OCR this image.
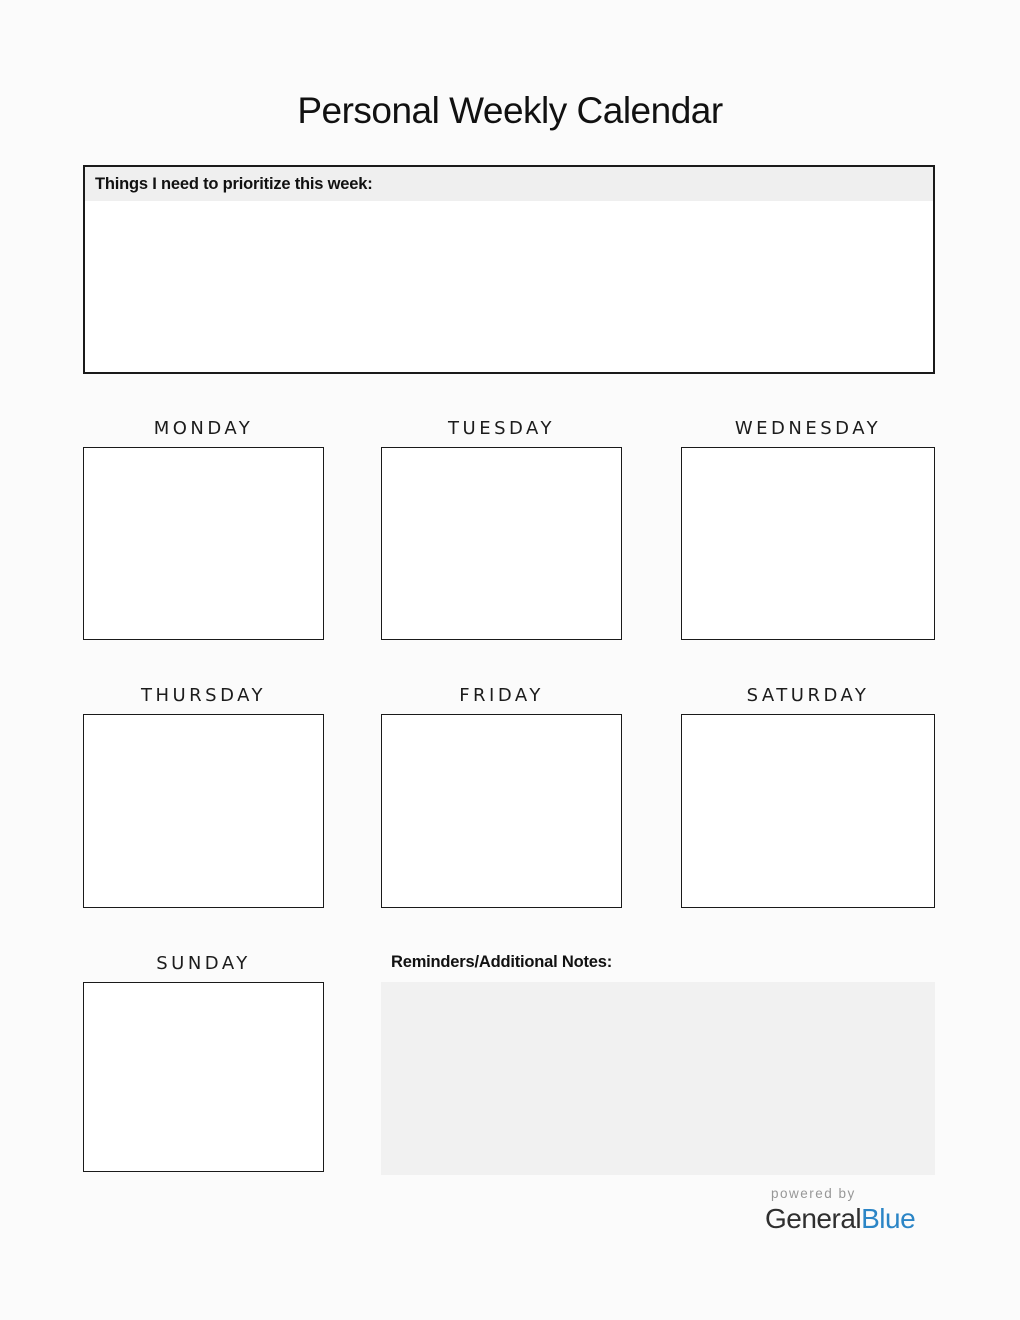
Personal Weekly Calendar
Things I need to prioritize this week:
MONDAY	TUESDAY	WEDNESDAY
THURSDAY	FRIDAY	SATURDAY
SUNDAY	Reminders/Additional Notes:
powered by
GeneralBlue
